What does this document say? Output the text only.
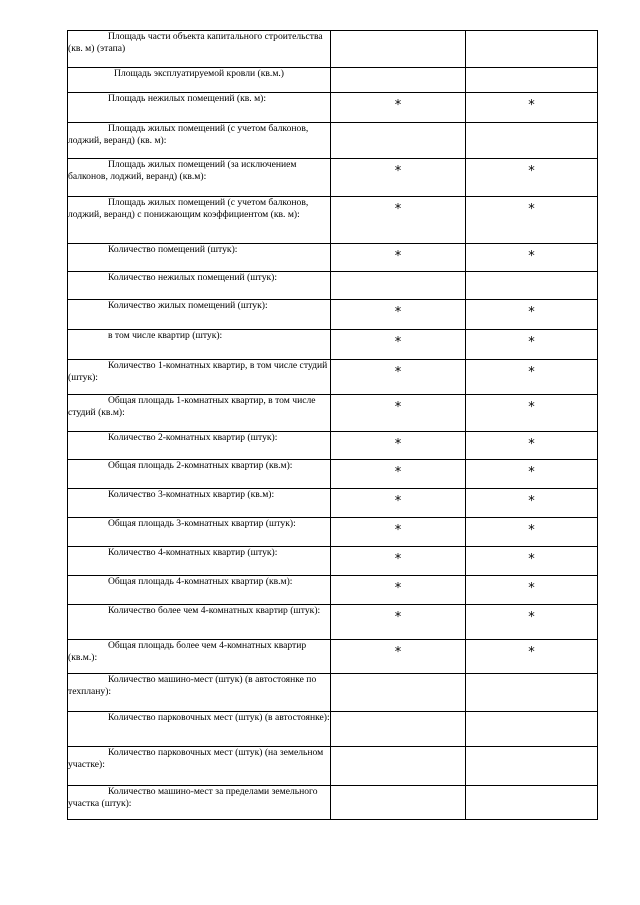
Площадь части объекта капитального строительства (кв. м) (этапа)		

Площадь эксплуатируемой кровли (кв.м.)		

Площадь нежилых помещений (кв. м):	*	*

Площадь жилых помещений (с учетом балконов, лоджий, веранд) (кв. м):		

Площадь жилых помещений (за исключением балконов, лоджий, веранд) (кв.м):	*	*

Площадь жилых помещений (с учетом балконов, лоджий, веранд) с понижающим коэффициентом (кв. м):	*	*

Количество помещений (штук):	*	*

Количество нежилых помещений (штук):		

Количество жилых помещений (штук):	*	*

в том числе квартир (штук):	*	*

Количество 1-комнатных квартир, в том числе студий (штук):	*	*

Общая площадь 1-комнатных квартир, в том числе студий (кв.м):	*	*

Количество 2-комнатных квартир (штук):	*	*

Общая площадь 2-комнатных квартир (кв.м):	*	*

Количество 3-комнатных квартир (кв.м):	*	*

Общая площадь 3-комнатных квартир (штук):	*	*

Количество 4-комнатных квартир (штук):	*	*

Общая площадь 4-комнатных квартир (кв.м):	*	*

Количество более чем 4-комнатных квартир (штук):	*	*

Общая площадь более чем 4-комнатных квартир (кв.м.):	*	*

Количество машино-мест (штук) (в автостоянке по техплану):		

Количество парковочных мест (штук) (в автостоянке):		

Количество парковочных мест (штук) (на земельном участке):		

Количество машино-мест за пределами земельного участка (штук):		
